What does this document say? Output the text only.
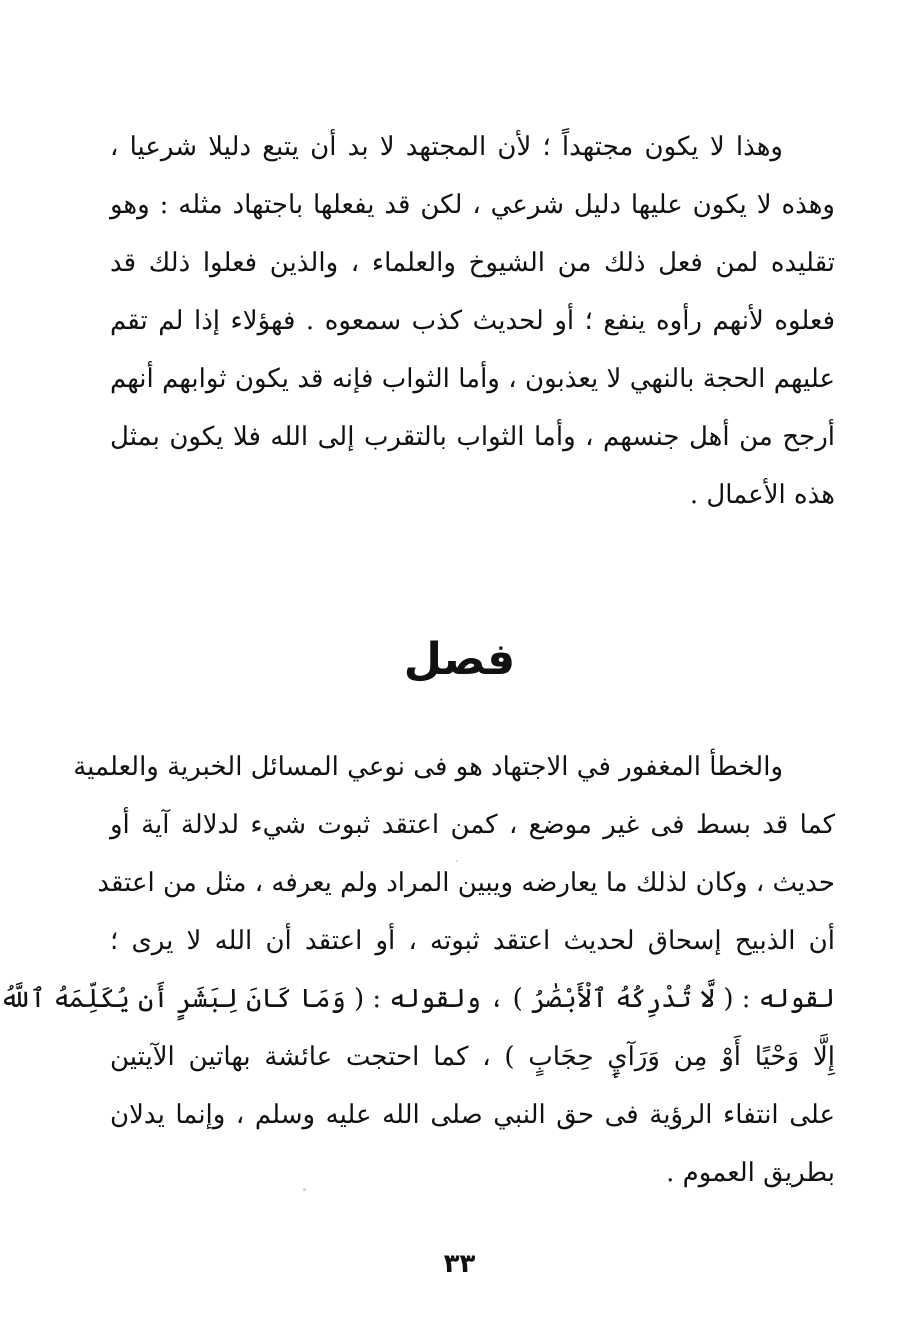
وهذا لا يكون مجتهداً ؛ لأن المجتهد لا بد أن يتبع دليلا شرعيا ،
وهذه لا يكون عليها دليل شرعي ، لكن قد يفعلها باجتهاد مثله : وهو
تقليده لمن فعل ذلك من الشيوخ والعلماء ، والذين فعلوا ذلك قد
فعلوه لأنهم رأوه ينفع ؛ أو لحديث كذب سمعوه . فهؤلاء إذا لم تقم
عليهم الحجة بالنهي لا يعذبون ، وأما الثواب فإنه قد يكون ثوابهم أنهم
أرجح من أهل جنسهم ، وأما الثواب بالتقرب إلى الله فلا يكون بمثل
هذه الأعمال .
فصل
والخطأ المغفور في الاجتهاد هو فى نوعي المسائل الخبرية والعلمية
كما قد بسط فى غير موضع ، كمن اعتقد ثبوت شيء لدلالة آية أو
حديث ، وكان لذلك ما يعارضه ويبين المراد ولم يعرفه ، مثل من اعتقد
أن الذبيح إسحاق لحديث اعتقد ثبوته ، أو اعتقد أن الله لا يرى ؛
لقوله : ( لَّا تُدْرِكُهُ ٱلْأَبْصَٰرُ ) ، ولقوله : ( وَمَا كَانَ لِبَشَرٍ أَن يُكَلِّمَهُ ٱللَّهُ
إِلَّا وَحْيًا أَوْ مِن وَرَآيِٕ حِجَابٍ ) ، كما احتجت عائشة بهاتين الآيتين
على انتفاء الرؤية فى حق النبي صلى الله عليه وسلم ، وإنما يدلان
بطريق العموم .
٣٣
